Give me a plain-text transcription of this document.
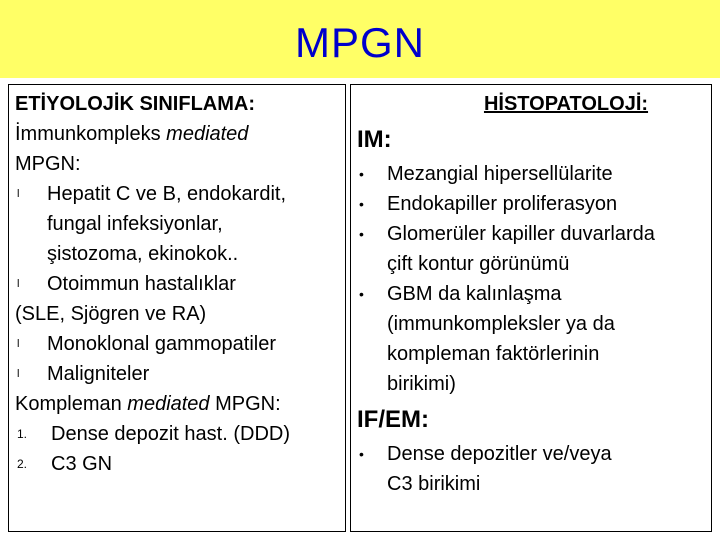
MPGN
ETİYOLOJİK SINIFLAMA:
İmmunkompleks mediated
MPGN:
l	Hepatit C ve B, endokardit,
fungal infeksiyonlar,
şistozoma, ekinokok..
l	Otoimmun hastalıklar
(SLE, Sjögren ve RA)
l	Monoklonal gammopatiler
l	Maligniteler
Kompleman mediated MPGN:
1.	Dense depozit hast. (DDD)
2.	C3 GN
HİSTOPATOLOJİ:
IM:
•	Mezangial hipersellülarite
•	Endokapiller proliferasyon
•	Glomerüler kapiller duvarlarda
çift kontur görünümü
•	GBM da kalınlaşma
(immunkompleksler ya da
kompleman faktörlerinin
birikimi)
IF/EM:
•	Dense depozitler ve/veya
C3 birikimi
